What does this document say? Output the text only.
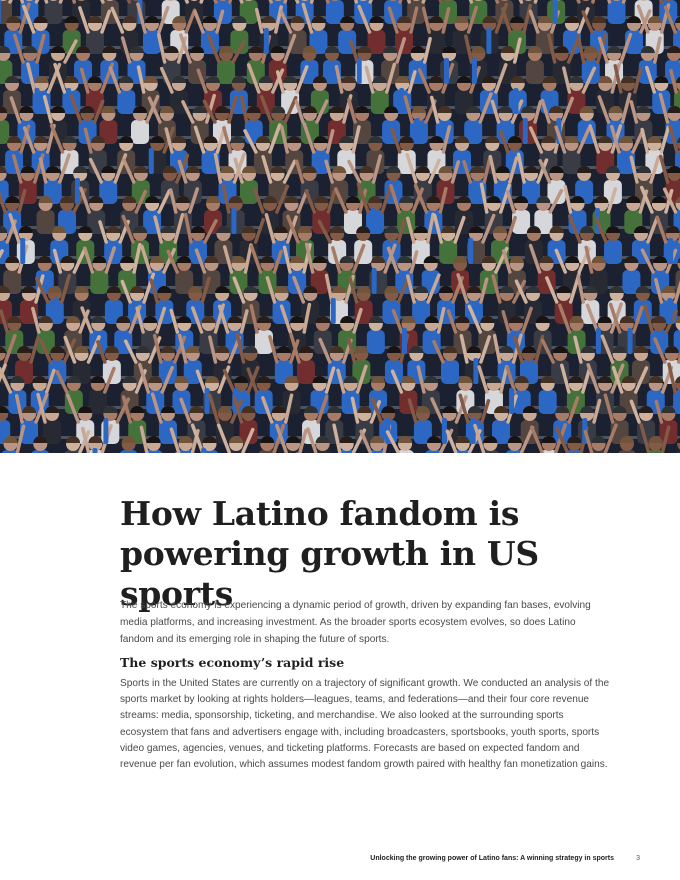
How Latino fandom is powering growth in US sports

The sports economy is experiencing a dynamic period of growth, driven by expanding fan bases, evolving media platforms, and increasing investment. As the broader sports ecosystem evolves, so does Latino fandom and its emerging role in shaping the future of sports.

The sports economy’s rapid rise

Sports in the United States are currently on a trajectory of significant growth. We conducted an analysis of the sports market by looking at rights holders—leagues, teams, and federations—and their four core revenue streams: media, sponsorship, ticketing, and merchandise. We also looked at the surrounding sports ecosystem that fans and advertisers engage with, including broadcasters, sportsbooks, youth sports, sports video games, agencies, venues, and ticketing platforms. Forecasts are based on expected fandom and revenue per fan evolution, which assumes modest fandom growth paired with healthy fan monetization gains.

Unlocking the growing power of Latino fans: A winning strategy in sports	3
